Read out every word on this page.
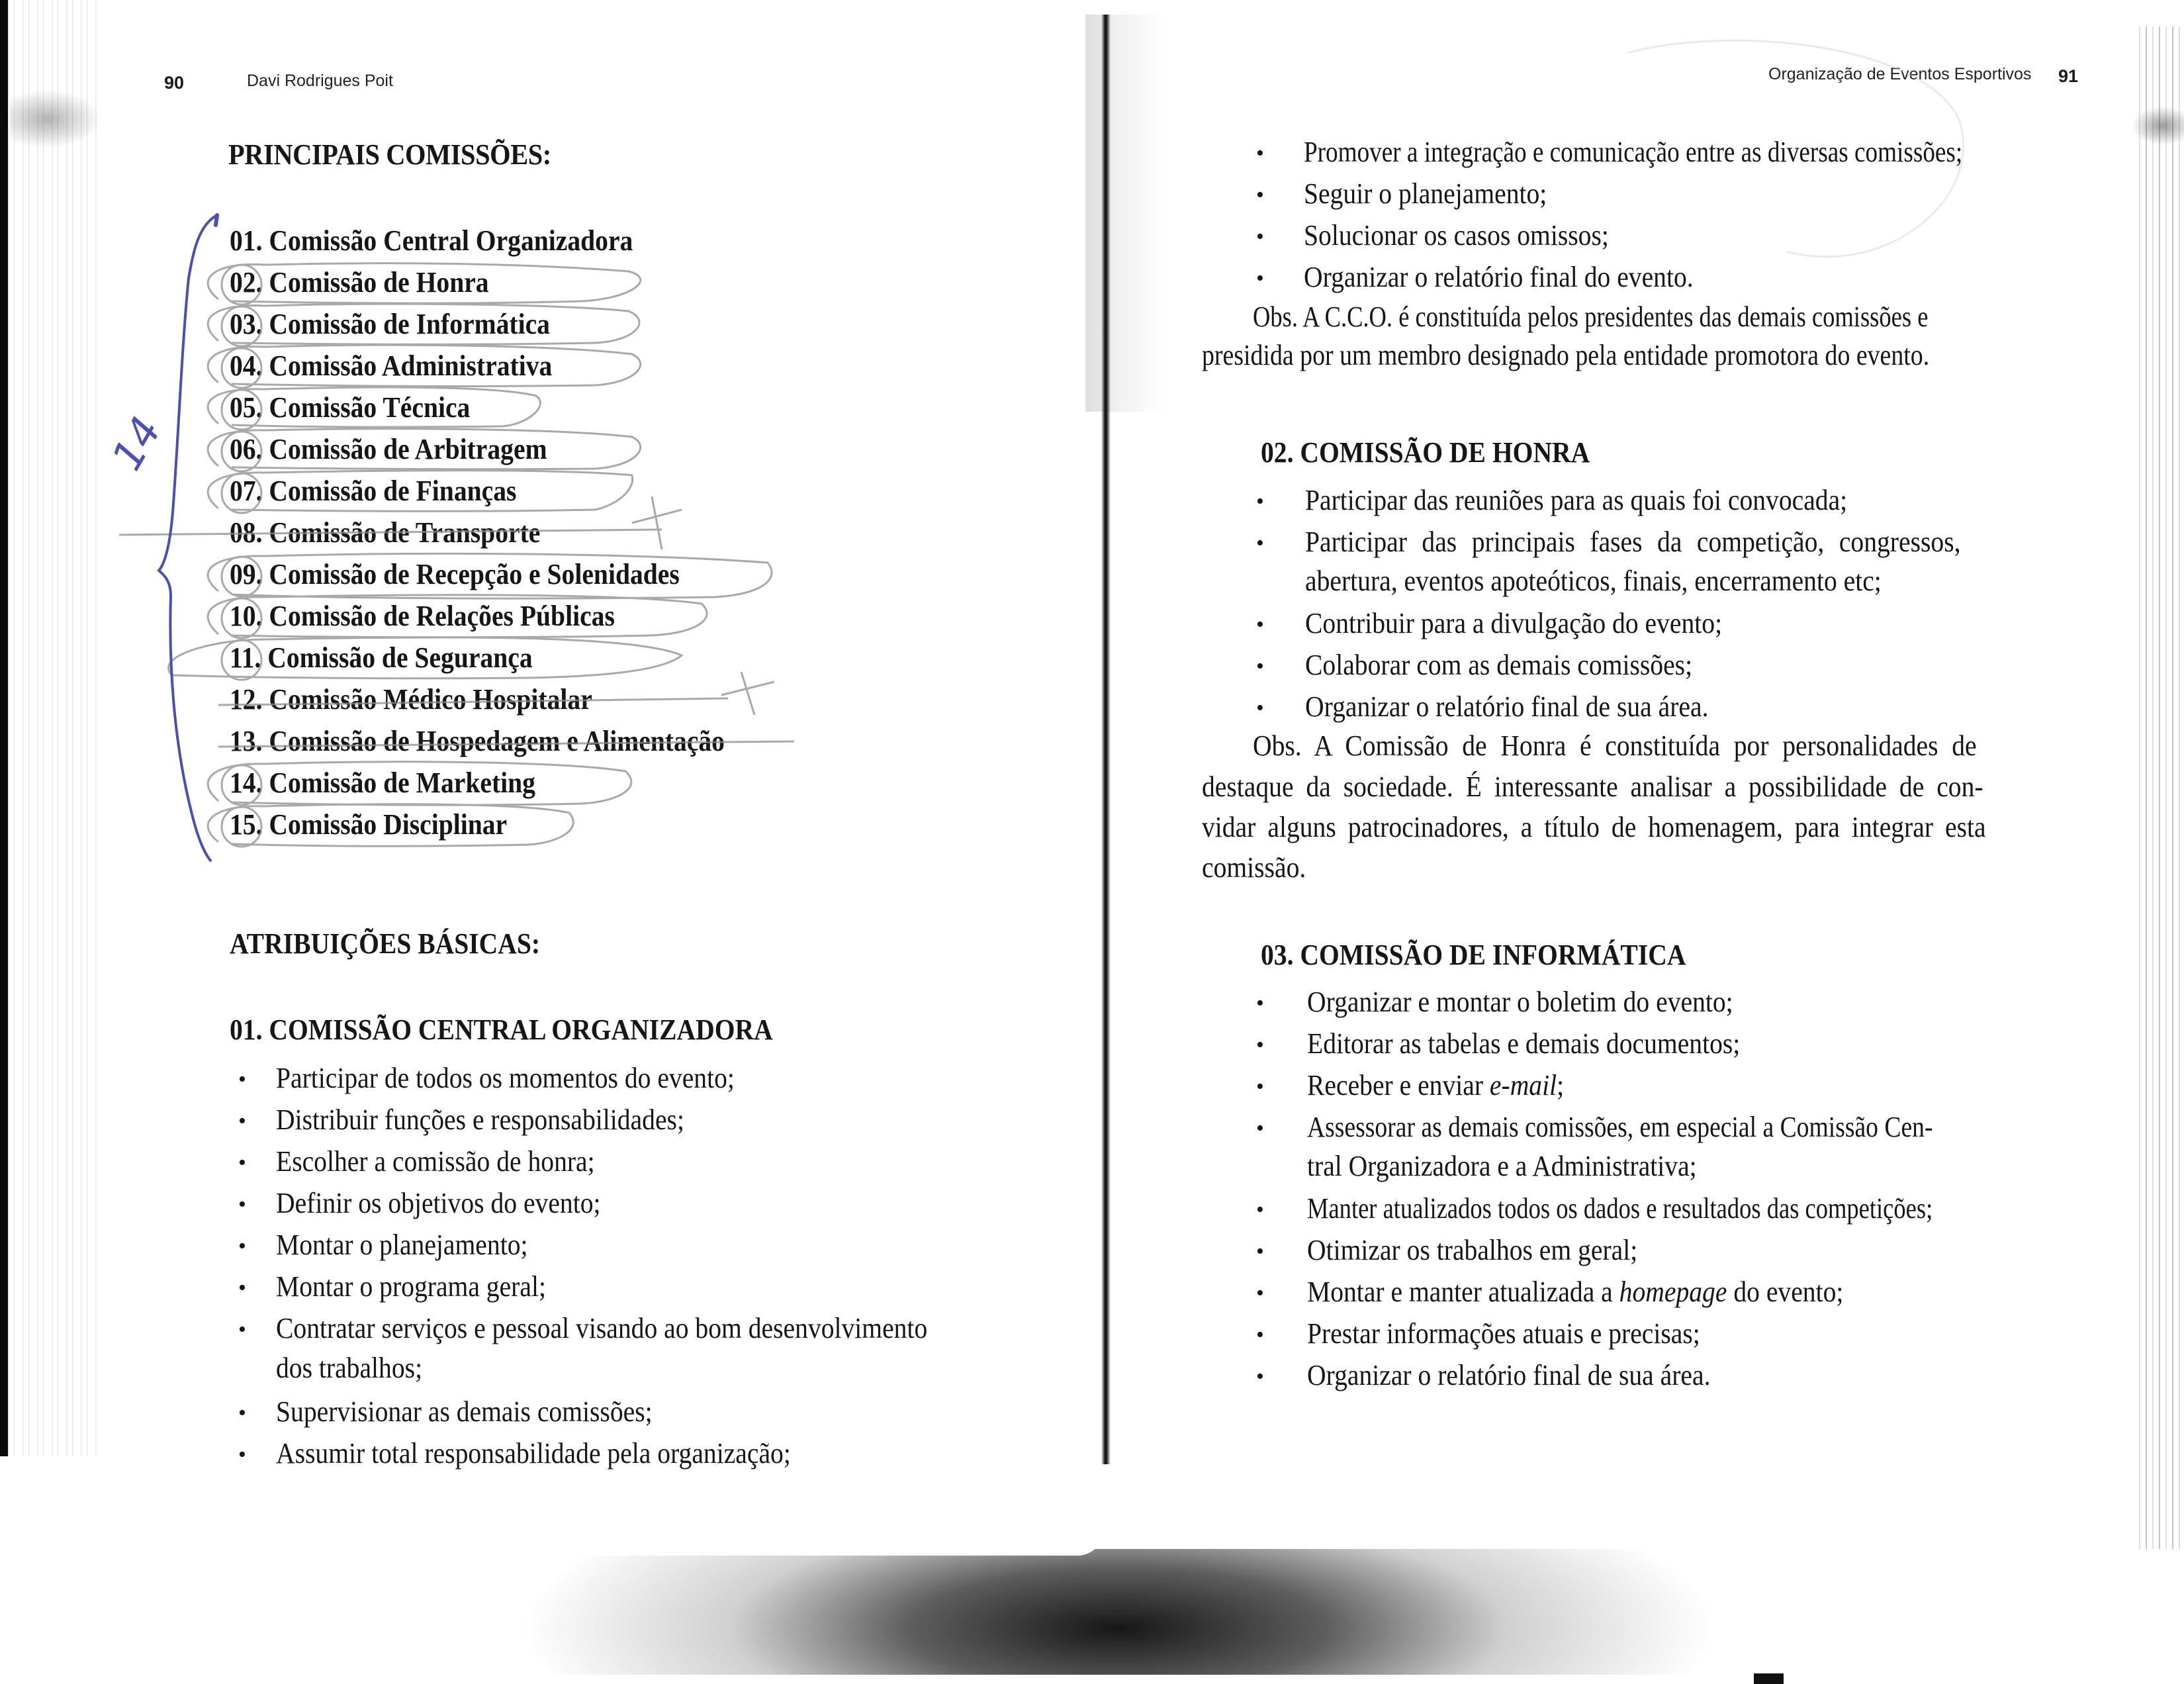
90	Davi Rodrigues Poit
PRINCIPAIS COMISSÕES:
01. Comissão Central Organizadora
02. Comissão de Honra
03. Comissão de Informática
04. Comissão Administrativa
05. Comissão Técnica
06. Comissão de Arbitragem
07. Comissão de Finanças
08. Comissão de Transporte
09. Comissão de Recepção e Solenidades
10. Comissão de Relações Públicas
11. Comissão de Segurança
12. Comissão Médico Hospitalar
13. Comissão de Hospedagem e Alimentação
14. Comissão de Marketing
15. Comissão Disciplinar
ATRIBUIÇÕES BÁSICAS:
01. COMISSÃO CENTRAL ORGANIZADORA
• Participar de todos os momentos do evento;
• Distribuir funções e responsabilidades;
• Escolher a comissão de honra;
• Definir os objetivos do evento;
• Montar o planejamento;
• Montar o programa geral;
• Contratar serviços e pessoal visando ao bom desenvolvimento
dos trabalhos;
• Supervisionar as demais comissões;
• Assumir total responsabilidade pela organização;
Organização de Eventos Esportivos 91
• Promover a integração e comunicação entre as diversas comissões;
• Seguir o planejamento;
• Solucionar os casos omissos;
• Organizar o relatório final do evento.
Obs. A C.C.O. é constituída pelos presidentes das demais comissões e
presidida por um membro designado pela entidade promotora do evento.
02. COMISSÃO DE HONRA
• Participar das reuniões para as quais foi convocada;
• Participar das principais fases da competição, congressos,
abertura, eventos apoteóticos, finais, encerramento etc;
• Contribuir para a divulgação do evento;
• Colaborar com as demais comissões;
• Organizar o relatório final de sua área.
Obs. A Comissão de Honra é constituída por personalidades de
destaque da sociedade. É interessante analisar a possibilidade de con-
vidar alguns patrocinadores, a título de homenagem, para integrar esta
comissão.
03. COMISSÃO DE INFORMÁTICA
• Organizar e montar o boletim do evento;
• Editorar as tabelas e demais documentos;
• Receber e enviar e-mail;
• Assessorar as demais comissões, em especial a Comissão Cen-
tral Organizadora e a Administrativa;
• Manter atualizados todos os dados e resultados das competições;
• Otimizar os trabalhos em geral;
• Montar e manter atualizada a homepage do evento;
• Prestar informações atuais e precisas;
• Organizar o relatório final de sua área.
14
